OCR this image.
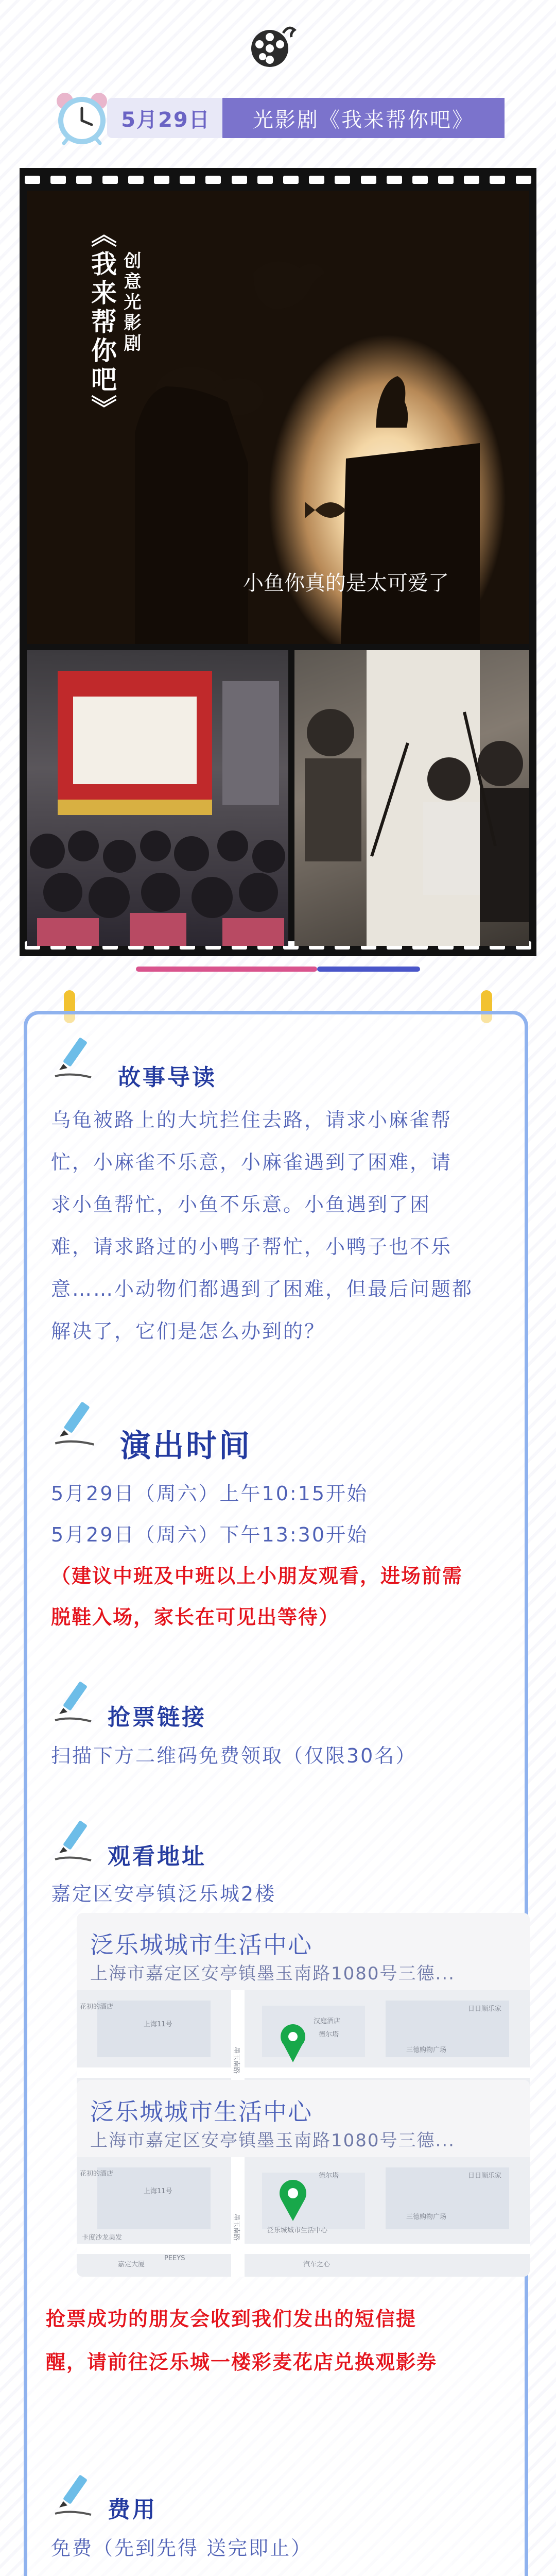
5月29日	光影剧《我来帮你吧》
《我来帮你吧》 创意光影剧
小鱼你真的是太可爱了
故事导读
乌龟被路上的大坑拦住去路，请求小麻雀帮
忙，小麻雀不乐意，小麻雀遇到了困难，请
求小鱼帮忙，小鱼不乐意。小鱼遇到了困
难，请求路过的小鸭子帮忙，小鸭子也不乐
意……小动物们都遇到了困难，但最后问题都
解决了，它们是怎么办到的？
演出时间
5月29日（周六）上午10:15开始
5月29日（周六）下午13:30开始
（建议中班及中班以上小朋友观看，进场前需
脱鞋入场，家长在可见出等待）
抢票链接
扫描下方二维码免费领取（仅限30名）
观看地址
嘉定区安亭镇泛乐城2楼
泛乐城城市生活中心
上海市嘉定区安亭镇墨玉南路1080号三德...
花初的酒店
上海11号
墨玉南路
德尔塔
汉庭酒店
三德购物广场
日日顺乐家
泛乐城城市生活中心
上海市嘉定区安亭镇墨玉南路1080号三德...
花初的酒店
上海11号
墨玉南路
德尔塔
泛乐城城市生活中心
三德购物广场
日日顺乐家
卡度沙龙美发
嘉定大厦
PEEYS
汽车之心
抢票成功的朋友会收到我们发出的短信提
醒，请前往泛乐城一楼彩麦花店兑换观影券
费用
免费（先到先得 送完即止）
